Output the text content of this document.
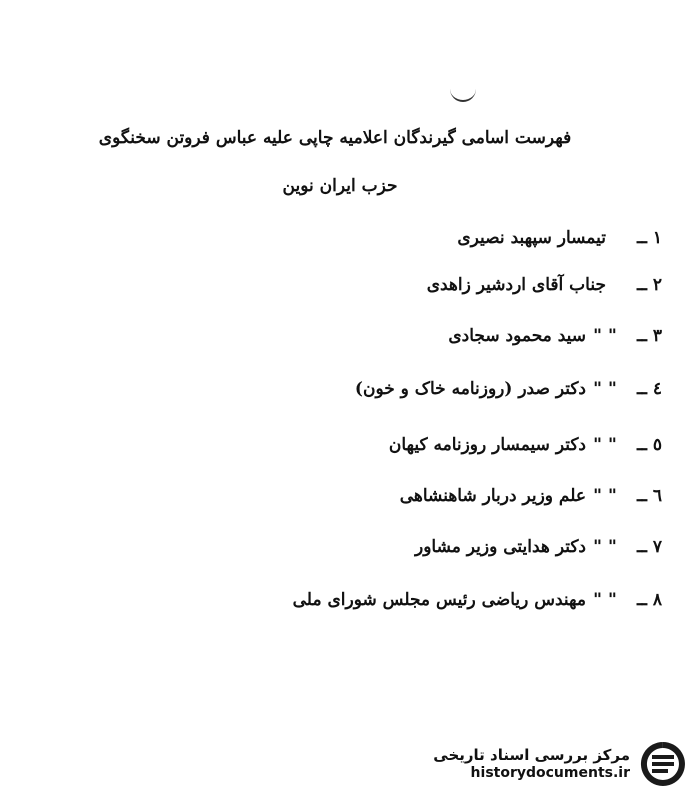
فهرست اسامی گیرندگان اعلامیه چاپی علیه عباس فروتن سخنگوی
حزب ایران نوین
۱ ــ
تیمسار سپهبد نصیری
۲ ــ
جناب آقای اردشیر زاهدی
۳ ــ
" "
سید محمود سجادی
٤ ــ
" "
دکتر صدر (روزنامه خاک و خون)
٥ ــ
" "
دکتر سیمسار روزنامه کیهان
٦ ــ
" "
علم وزیر دربار شاهنشاهی
۷ ــ
" "
دکتر هدایتی وزیر مشاور
۸ ــ
" "
مهندس ریاضی رئیس مجلس شورای ملی
مرکز بررسی اسناد تاریخی
historydocuments.ir
